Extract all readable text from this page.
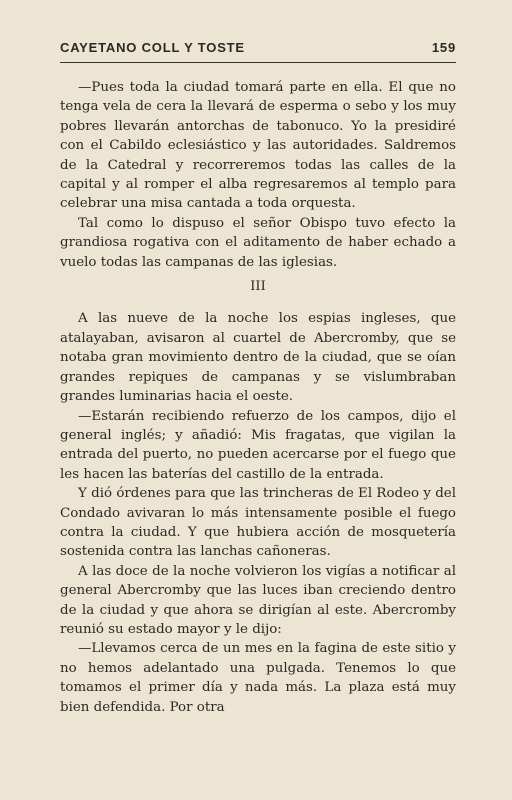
CAYETANO COLL Y TOSTE	159

—Pues toda la ciudad tomará parte en ella. El que no tenga vela de cera la llevará de esperma o sebo y los muy pobres llevarán antorchas de tabonuco. Yo la presidiré con el Cabildo eclesiástico y las autoridades. Saldremos de la Catedral y recorreremos todas las calles de la capital y al romper el alba regresaremos al templo para celebrar una misa cantada a toda orquesta.

Tal como lo dispuso el señor Obispo tuvo efecto la grandiosa rogativa con el aditamento de haber echado a vuelo todas las campanas de las iglesias.

III

A las nueve de la noche los espias ingleses, que atalayaban, avisaron al cuartel de Abercromby, que se notaba gran movimiento dentro de la ciudad, que se oían grandes repiques de campanas y se vislumbraban grandes luminarias hacia el oeste.

—Estarán recibiendo refuerzo de los campos, dijo el general inglés; y añadió: Mis fragatas, que vigilan la entrada del puerto, no pueden acercarse por el fuego que les hacen las baterías del castillo de la entrada.

Y dió órdenes para que las trincheras de El Rodeo y del Condado avivaran lo más intensamente posible el fuego contra la ciudad. Y que hubiera acción de mosquetería sostenida contra las lanchas cañoneras.

A las doce de la noche volvieron los vigías a notificar al general Abercromby que las luces iban creciendo dentro de la ciudad y que ahora se dirigían al este. Abercromby reunió su estado mayor y le dijo:

—Llevamos cerca de un mes en la fagina de este sitio y no hemos adelantado una pulgada. Tenemos lo que tomamos el primer día y nada más. La plaza está muy bien defendida. Por otra
